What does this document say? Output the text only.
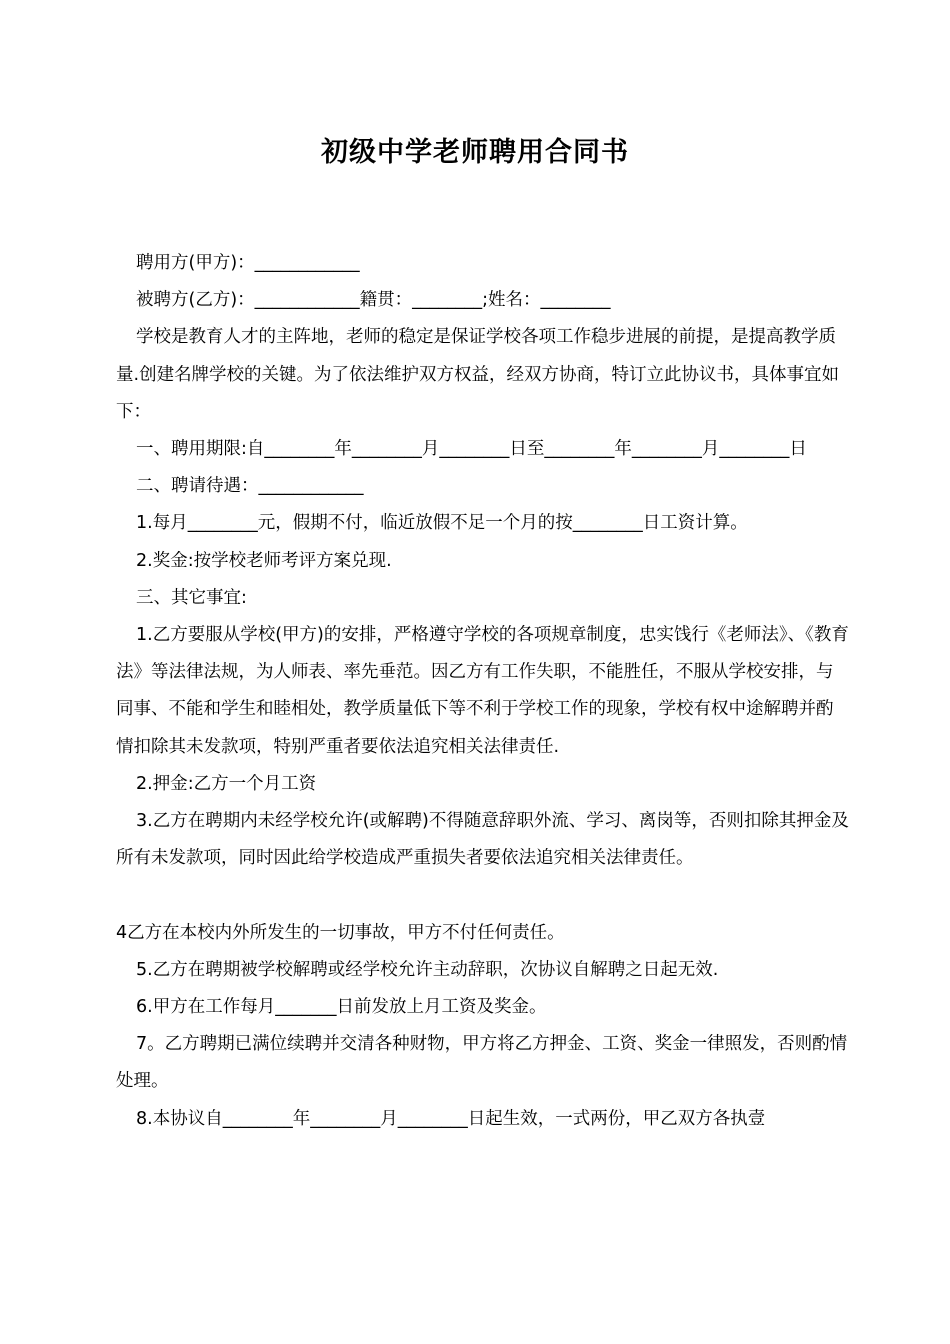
初级中学老师聘用合同书

聘用方(甲方)：____________

被聘方(乙方)：____________籍贯：________;姓名：________

学校是教育人才的主阵地，老师的稳定是保证学校各项工作稳步进展的前提，是提高教学质量.创建名牌学校的关键。为了依法维护双方权益，经双方协商，特订立此协议书，具体事宜如下：

一、聘用期限:自________年________月________日至________年________月________日

二、聘请待遇：____________

1.每月________元，假期不付，临近放假不足一个月的按________日工资计算。

2.奖金:按学校老师考评方案兑现.

三、其它事宜:

1.乙方要服从学校(甲方)的安排，严格遵守学校的各项规章制度，忠实饯行《老师法》、《教育法》等法律法规，为人师表、率先垂范。因乙方有工作失职，不能胜任，不服从学校安排，与同事、不能和学生和睦相处，教学质量低下等不利于学校工作的现象，学校有权中途解聘并酌情扣除其未发款项，特别严重者要依法追究相关法律责任.

2.押金:乙方一个月工资

3.乙方在聘期内未经学校允许(或解聘)不得随意辞职外流、学习、离岗等，否则扣除其押金及所有未发款项，同时因此给学校造成严重损失者要依法追究相关法律责任。

4乙方在本校内外所发生的一切事故，甲方不付任何责任。

5.乙方在聘期被学校解聘或经学校允许主动辞职，次协议自解聘之日起无效.

6.甲方在工作每月_______日前发放上月工资及奖金。

7。乙方聘期已满位续聘并交清各种财物，甲方将乙方押金、工资、奖金一律照发，否则酌情处理。

8.本协议自________年________月________日起生效，一式两份，甲乙双方各执壹
